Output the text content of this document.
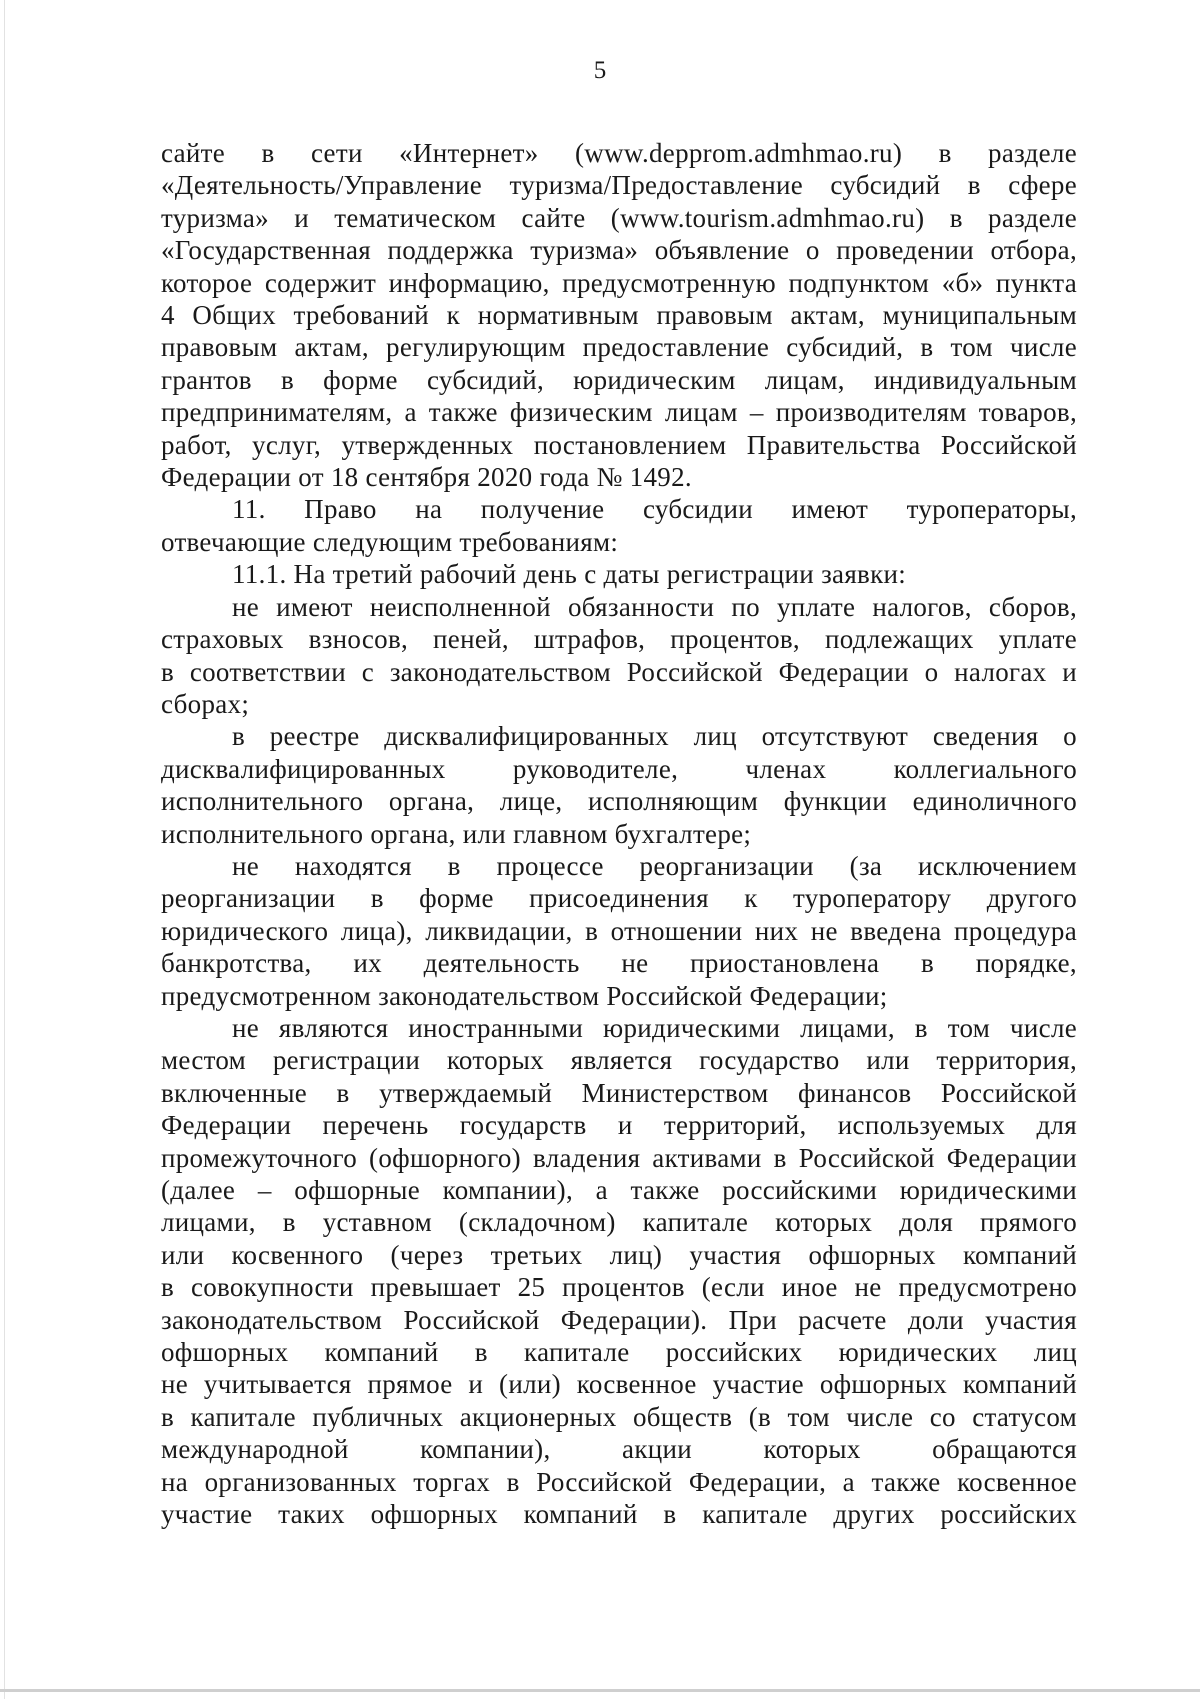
5

сайте в сети «Интернет» (www.depprom.admhmao.ru) в разделе
«Деятельность/Управление туризма/Предоставление субсидий в сфере
туризма» и тематическом сайте (www.tourism.admhmao.ru) в разделе
«Государственная поддержка туризма» объявление о проведении отбора,
которое содержит информацию, предусмотренную подпунктом «б» пункта
4 Общих требований к нормативным правовым актам, муниципальным
правовым актам, регулирующим предоставление субсидий, в том числе
грантов в форме субсидий, юридическим лицам, индивидуальным
предпринимателям, а также физическим лицам – производителям товаров,
работ, услуг, утвержденных постановлением Правительства Российской
Федерации от 18 сентября 2020 года № 1492.

11. Право на получение субсидии имеют туроператоры,
отвечающие следующим требованиям:

11.1. На третий рабочий день с даты регистрации заявки:

не имеют неисполненной обязанности по уплате налогов, сборов,
страховых взносов, пеней, штрафов, процентов, подлежащих уплате
в соответствии с законодательством Российской Федерации о налогах и
сборах;

в реестре дисквалифицированных лиц отсутствуют сведения о
дисквалифицированных руководителе, членах коллегиального
исполнительного органа, лице, исполняющим функции единоличного
исполнительного органа, или главном бухгалтере;

не находятся в процессе реорганизации (за исключением
реорганизации в форме присоединения к туроператору другого
юридического лица), ликвидации, в отношении них не введена процедура
банкротства, их деятельность не приостановлена в порядке,
предусмотренном законодательством Российской Федерации;

не являются иностранными юридическими лицами, в том числе
местом регистрации которых является государство или территория,
включенные в утверждаемый Министерством финансов Российской
Федерации перечень государств и территорий, используемых для
промежуточного (офшорного) владения активами в Российской Федерации
(далее – офшорные компании), а также российскими юридическими
лицами, в уставном (складочном) капитале которых доля прямого
или косвенного (через третьих лиц) участия офшорных компаний
в совокупности превышает 25 процентов (если иное не предусмотрено
законодательством Российской Федерации). При расчете доли участия
офшорных компаний в капитале российских юридических лиц
не учитывается прямое и (или) косвенное участие офшорных компаний
в капитале публичных акционерных обществ (в том числе со статусом
международной компании), акции которых обращаются
на организованных торгах в Российской Федерации, а также косвенное
участие таких офшорных компаний в капитале других российских
